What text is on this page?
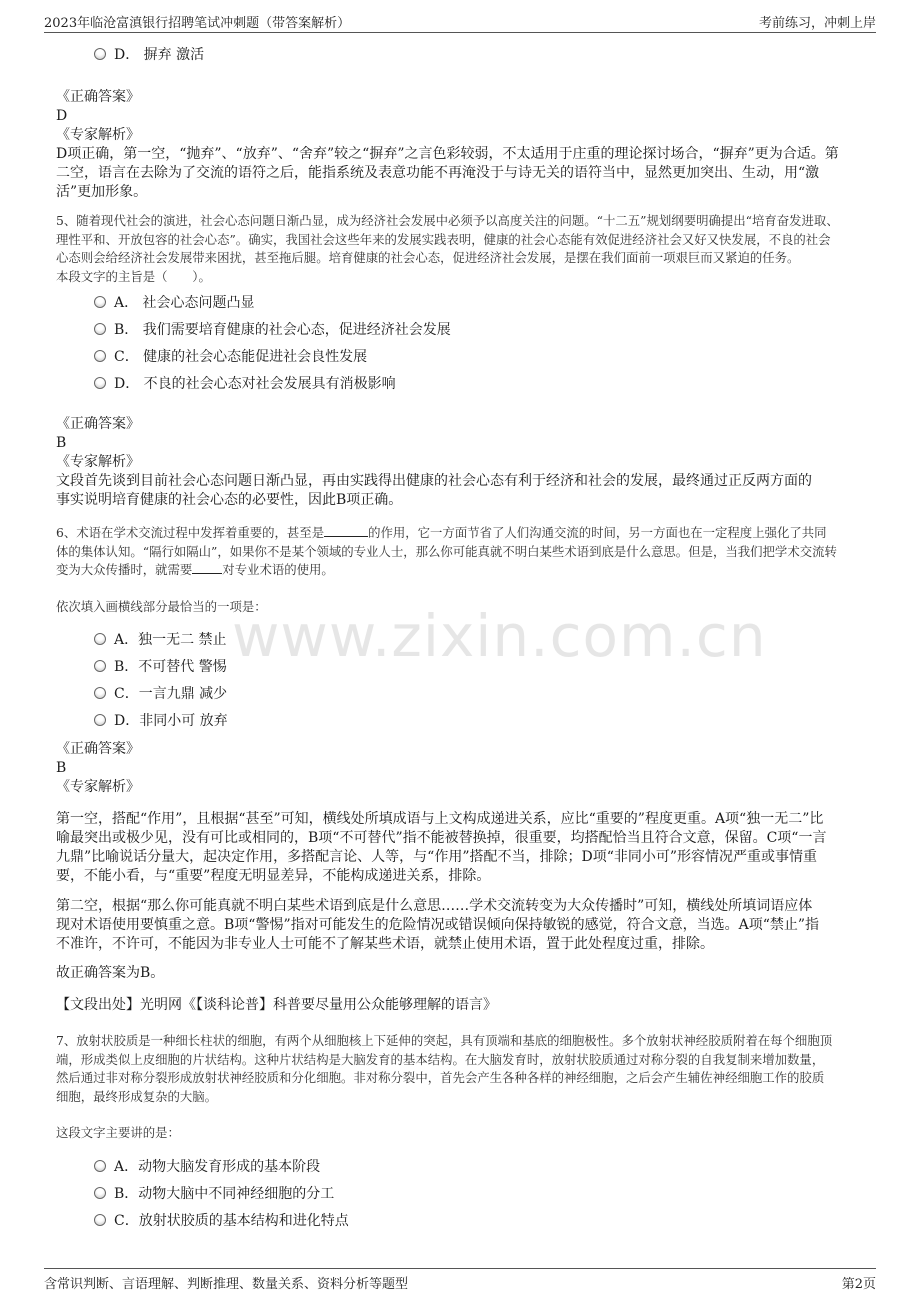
2023年临沧富滇银行招聘笔试冲刺题（带答案解析）	考前练习，冲刺上岸
www.zixin.com.cn
D． 摒弃 激活
《正确答案》
D
《专家解析》
D项正确，第一空，“抛弃”、“放弃”、“舍弃”较之“摒弃”之言色彩较弱，不太适用于庄重的理论探讨场合，“摒弃”更为合适。第
二空，语言在去除为了交流的语符之后，能指系统及表意功能不再淹没于与诗无关的语符当中，显然更加突出、生动，用“激
活”更加形象。
5、随着现代社会的演进，社会心态问题日渐凸显，成为经济社会发展中必须予以高度关注的问题。“十二五”规划纲要明确提出“培育奋发进取、
理性平和、开放包容的社会心态”。确实，我国社会这些年来的发展实践表明，健康的社会心态能有效促进经济社会又好又快发展，不良的社会
心态则会给经济社会发展带来困扰，甚至拖后腿。培育健康的社会心态，促进经济社会发展，是摆在我们面前一项艰巨而又紧迫的任务。
本段文字的主旨是（　　）。
A． 社会心态问题凸显
B． 我们需要培育健康的社会心态，促进经济社会发展
C． 健康的社会心态能促进社会良性发展
D． 不良的社会心态对社会发展具有消极影响
《正确答案》
B
《专家解析》
文段首先谈到目前社会心态问题日渐凸显，再由实践得出健康的社会心态有利于经济和社会的发展，最终通过正反两方面的
事实说明培育健康的社会心态的必要性，因此B项正确。
6、术语在学术交流过程中发挥着重要的，甚至是	的作用，它一方面节省了人们沟通交流的时间，另一方面也在一定程度上强化了共同
体的集体认知。“隔行如隔山”，如果你不是某个领域的专业人士，那么你可能真就不明白某些术语到底是什么意思。但是，当我们把学术交流转
变为大众传播时，就需要 对专业术语的使用。
依次填入画横线部分最恰当的一项是：
A．独一无二 禁止
B．不可替代 警惕
C．一言九鼎 减少
D．非同小可 放弃
《正确答案》
B
《专家解析》
第一空，搭配“作用”，且根据“甚至”可知，横线处所填成语与上文构成递进关系，应比“重要的”程度更重。A项“独一无二”比
喻最突出或极少见，没有可比或相同的，B项“不可替代”指不能被替换掉，很重要，均搭配恰当且符合文意，保留。C项“一言
九鼎”比喻说话分量大，起决定作用，多搭配言论、人等，与“作用”搭配不当，排除；D项“非同小可”形容情况严重或事情重
要，不能小看，与“重要”程度无明显差异，不能构成递进关系，排除。
第二空，根据“那么你可能真就不明白某些术语到底是什么意思……学术交流转变为大众传播时”可知，横线处所填词语应体
现对术语使用要慎重之意。B项“警惕”指对可能发生的危险情况或错误倾向保持敏锐的感觉，符合文意，当选。A项“禁止”指
不准许，不许可，不能因为非专业人士可能不了解某些术语，就禁止使用术语，置于此处程度过重，排除。
故正确答案为B。
【文段出处】光明网《【谈科论普】科普要尽量用公众能够理解的语言》
7、放射状胶质是一种细长柱状的细胞，有两个从细胞核上下延伸的突起，具有顶端和基底的细胞极性。多个放射状神经胶质附着在每个细胞顶
端，形成类似上皮细胞的片状结构。这种片状结构是大脑发育的基本结构。在大脑发育时，放射状胶质通过对称分裂的自我复制来增加数量，
然后通过非对称分裂形成放射状神经胶质和分化细胞。非对称分裂中，首先会产生各种各样的神经细胞，之后会产生辅佐神经细胞工作的胶质
细胞，最终形成复杂的大脑。
这段文字主要讲的是：
A．动物大脑发育形成的基本阶段
B．动物大脑中不同神经细胞的分工
C．放射状胶质的基本结构和进化特点
含常识判断、言语理解、判断推理、数量关系、资料分析等题型	第2页
